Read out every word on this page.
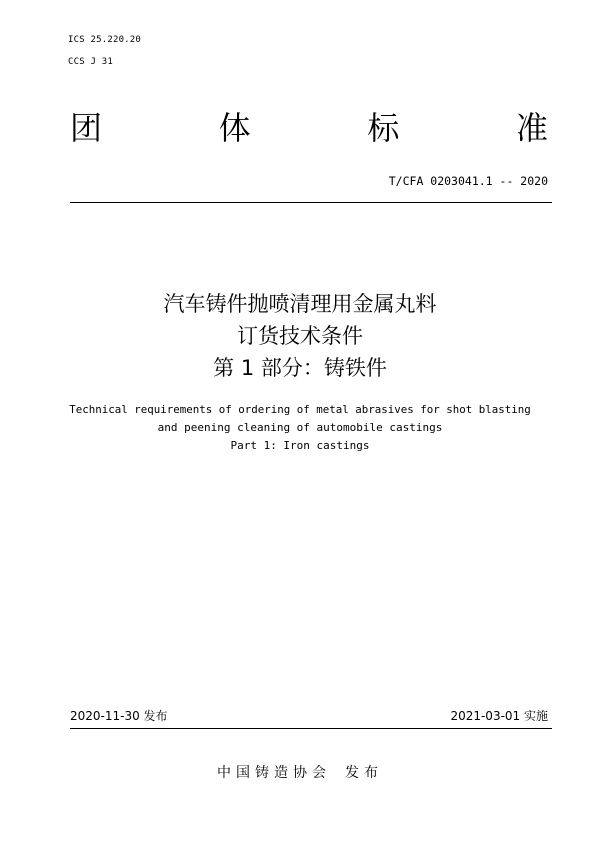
ICS 25.220.20
CCS J 31
团	体	标	准
T/CFA 0203041.1 -- 2020
汽车铸件抛喷清理用金属丸料
订货技术条件
第 1 部分：铸铁件
Technical requirements of ordering of metal abrasives for shot blasting
and peening cleaning of automobile castings
Part 1: Iron castings
2020-11-30 发布	2021-03-01 实施
中国铸造协会 发布
